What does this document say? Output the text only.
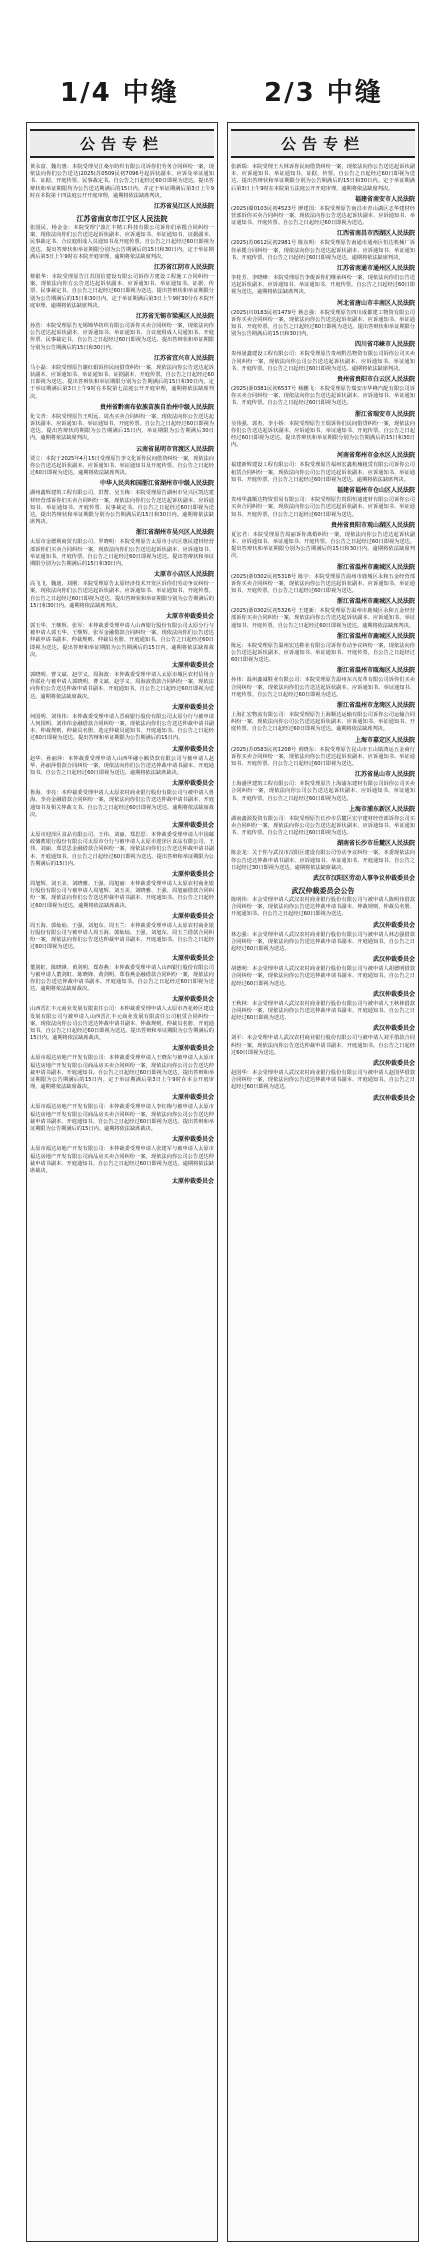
1/4 中缝	2/3 中缝
公告专栏
黄永富、魏有惠：本院受理吴江桑尔纺织有限公司诉你们劳务合同纠纷一案，现依法向你们公告送达(2025)苏0509民初7096号起诉状副本、应诉及举证通知书、证据、开庭传票、民事裁定书。自公告之日起经过60日即视为送达。提出答辩状和举证期限均为公告送达期满后的15日内。并定于举证期满后第3日上午9时在本院第十四法庭公开开庭审理，逾期将依法缺席判决。
江苏省吴江区人民法院
江苏省南京市江宁区人民法院
张国民、杨金金：本院受理宁波汇丰精工科技有限公司诉你们承揽合同纠纷一案，现依法向你们公告送达起诉状副本、应诉通知书、举证通知书、证据副本、民事裁定书、合议庭组成人员通知书及开庭传票。自公告之日起经过60日即视为送达。提出答辩状和举证期限分别为公告期满后的15日和30日内。定于举证期满后第3日上午9时在本院开庭审理，逾期将依法缺席判决。
江苏省江阴市人民法院
蔡银华：本院受理原告江苏国信建设有限公司诉你方建设工程施工合同纠纷一案，现依法向你方公告送达起诉状副本、应诉通知书、举证通知书、证据、传票、民事裁定书。自公告之日起经过60日即视为送达。提出答辩状和举证期限分别为公告期满后的15日和30日内。定于举证期满后第3日上午9时30分在本院开庭审理，逾期将依法缺席判决。
江苏省无锡市梁溪区人民法院
孙浩：本院受理原告无锡锦华纺织有限公司诉你买卖合同纠纷一案，现依法向你公告送达起诉状副本、应诉通知书、举证通知书、合议庭组成人员通知书、开庭传票、民事裁定书。自公告之日起经过60日即视为送达。提出答辩状和举证期限分别为公告期满后的15日和30日内。
江苏省宜兴市人民法院
马小磊：本院受理原告谢红娟诉你民间借贷纠纷一案，现依法向你公告送达起诉状副本、应诉通知书、举证通知书、证据副本、开庭传票。自公告之日起经过60日即视为送达。提出答辩状和举证期限分别为公告期满后的15日和30日内。定于举证期满后第3日上午9时在本院第七法庭公开开庭审理，逾期将依法缺席判决。
贵州省黔南布依族苗族自治州中级人民法院
化文青：本院受理原告王明远、周杰买卖合同纠纷一案，现依法向你公告送达起诉状副本、应诉通知书、举证通知书、开庭传票。自公告之日起经过60日即视为送达。提出答辩状的期限为公告期满后15日内，举证期限为公告期满后30日内。逾期将依法缺席判决。
云南省昆明市官渡区人民法院
贾立：本院于2025年4月15日受理原告李文化诉你民间借贷纠纷一案，现依法向你公告送达起诉状副本、应诉通知书、举证通知书及开庭传票。自公告之日起经过60日即视为送达。逾期将依法缺席判决。
中华人民共和国浙江省湖州市中级人民法院
湖州鑫辉建筑工程有限公司、洪赞、吴玉梅：本院受理原告湖州市吴兴区凯达建材经营部诉你们买卖合同纠纷一案，现依法向你们公告送达起诉状副本、应诉通知书、举证通知书、开庭传票、民事裁定书。自公告之日起经过60日即视为送达。提出答辩状和举证期限分别为公告期满后的15日和30日内。逾期将依法缺席判决。
浙江省湖州市吴兴区人民法院
太原市金德利商贸有限公司、罗晓明：本院受理原告太原市小店区惠民建材经营部诉你们买卖合同纠纷一案，现依法向你们公告送达起诉状副本、应诉通知书、举证通知书、开庭传票。自公告之日起经过60日即视为送达。提出答辩状和举证期限分别为公告期满后的15日和30日内。
太原市小店区人民法院
高飞飞、魏迪、刘刚：本院受理原告太原经济技术开发区诉你们劳动争议纠纷一案，现依法向你们公告送达起诉状副本、应诉通知书、举证通知书、开庭传票。自公告之日起经过60日即视为送达。提出答辩状和举证期限分别为公告期满后的15日和30日内。逾期将依法缺席判决。
太原市仲裁委员会
郭玉华、王继辉、张军：本仲裁委受理申请人山西银行股份有限公司太原分行与被申请人郭玉华、王继辉、张军金融借款合同纠纷一案，现依法向你们公告送达仲裁申请书副本、仲裁规则、仲裁员名册、开庭通知书。自公告之日起经过60日即视为送达。提出答辩和举证期限为公告期满后的15日内。逾期将依法缺席裁决。
太原仲裁委员会
郭晓明、曹文斌、赵学义、周海波：本仲裁委受理申请人太原市城区农村信用合作联社与被申请人郭晓明、曹文斌、赵学义、周海波借款合同纠纷一案，现依法向你们公告送达仲裁申请书副本、开庭通知书。自公告之日起经过60日即视为送达。逾期将依法缺席裁决。
太原仲裁委员会
何国明、刘伟伟：本仲裁委受理申请人晋商银行股份有限公司太原分行与被申请人何国明、刘伟伟金融借款合同纠纷一案，现依法向你们公告送达仲裁申请书副本、仲裁规则、仲裁员名册、选定仲裁员通知书、开庭通知书。自公告之日起经过60日即视为送达。提出答辩和举证期限为公告期满后的15日内。
太原仲裁委员会
赵华、孙丽萍：本仲裁委受理申请人山西华融小额贷款有限公司与被申请人赵华、孙丽萍借款合同纠纷一案，现依法向你们公告送达仲裁申请书副本、开庭通知书。自公告之日起经过60日即视为送达。逾期将依法缺席裁决。
太原仲裁委员会
鲁海、李亮：本仲裁委受理申请人太原农村商业银行股份有限公司与被申请人鲁海、李亮金融借款合同纠纷一案，现依法向你们公告送达仲裁申请书副本、开庭通知书及相关仲裁文书。自公告之日起经过60日即视为送达。逾期将依法缺席裁决。
太原仲裁委员会
太原市迎泽区食品有限公司、王伟、刘丽、郑思思：本仲裁委受理申请人中国邮政储蓄银行股份有限公司太原市分行与被申请人太原市迎泽区食品有限公司、王伟、刘丽、郑思思金融借款合同纠纷一案，现依法向你们公告送达仲裁申请书副本、开庭通知书。自公告之日起经过60日即视为送达。提出答辩和举证期限为公告期满后的15日内。
太原仲裁委员会
周旭辉、刘玉美、刘晓雅、王强、周旭丽：本仲裁委受理申请人太原农村商业银行股份有限公司与被申请人周旭辉、刘玉美、刘晓雅、王强、周旭丽借款合同纠纷一案，现依法向你们公告送达仲裁申请书副本、开庭通知书。自公告之日起经过60日即视为送达。逾期将依法缺席裁决。
太原仲裁委员会
周玉海、郭灿灿、王强、刘旭东、周玉兰：本仲裁委受理申请人太原农村商业银行股份有限公司与被申请人周玉海、郭灿灿、王强、刘旭东、周玉兰借款合同纠纷一案，现依法向你们公告送达仲裁申请书副本、开庭通知书。自公告之日起经过60日即视为送达。
太原仲裁委员会
董剑虹、陈晓锋、黄剑明、郑春燕：本仲裁委受理申请人山西银行股份有限公司与被申请人董剑虹、陈晓锋、黄剑明、郑春燕金融借款合同纠纷一案，现依法向你们公告送达仲裁申请书副本、开庭通知书。自公告之日起经过60日即视为送达。逾期将依法缺席裁决。
太原仲裁委员会
山西晋汇丰元商业发展有限责任公司：本仲裁委受理申请人太原市杏花岭区建设发展有限公司与被申请人山西晋汇丰元商业发展有限责任公司租赁合同纠纷一案，现依法向你公司公告送达仲裁申请书副本、仲裁规则、仲裁员名册、开庭通知书。自公告之日起经过60日即视为送达。提出答辩和举证期限为公告期满后的15日内。逾期将依法缺席裁决。
太原仲裁委员会
太原市福达房地产开发有限公司：本仲裁委受理申请人王晓东与被申请人太原市福达房地产开发有限公司商品房买卖合同纠纷一案，现依法向你公司公告送达仲裁申请书副本、开庭通知书。自公告之日起经过60日即视为送达。提出答辩和举证期限为公告期满后的15日内。定于举证期满后第3日上午9时在本会开庭审理，逾期将依法缺席裁决。
太原仲裁委员会
太原市福达房地产开发有限公司：本仲裁委受理申请人李红梅与被申请人太原市福达房地产开发有限公司商品房买卖合同纠纷一案，现依法向你公司公告送达仲裁申请书副本、开庭通知书。自公告之日起经过60日即视为送达。提出答辩和举证期限为公告期满后的15日内。逾期将依法缺席裁决。
太原仲裁委员会
太原市福达房地产开发有限公司：本仲裁委受理申请人张建军与被申请人太原市福达房地产开发有限公司商品房买卖合同纠纷一案，现依法向你公司公告送达仲裁申请书副本、开庭通知书。自公告之日起经过60日即视为送达。逾期将依法缺席裁决。
太原仲裁委员会
公告专栏
张新瑞：本院受理王大林诉你民间借贷纠纷一案，现依法向你公告送达起诉状副本、应诉通知书、举证通知书、证据、传票。自公告之日起经过60日即视为送达。提出答辩状和举证期限分别为公告期满后的15日和30日内。定于举证期满后第3日上午9时在本院第五法庭公开开庭审理，逾期将依法缺席判决。
福建省南安市人民法院
(2025)赣0103民初4523号 廖建国：本院受理原告南昌市青山湖区志华建材经营部诉你买卖合同纠纷一案，现依法向你公告送达起诉状副本、应诉通知书、举证通知书、开庭传票。自公告之日起经过60日即视为送达。
江西省南昌市西湖区人民法院
(2025)苏0612民初2981号 陈东明：本院受理原告南通市通州区恒达机械厂诉你承揽合同纠纷一案，现依法向你公告送达起诉状副本、应诉通知书、举证通知书、开庭传票。自公告之日起经过60日即视为送达。逾期将依法缺席判决。
江苏省南通市通州区人民法院
李桂芳、李晓峰：本院受理原告李俊诉你们继承纠纷一案，现依法向你们公告送达起诉状副本、应诉通知书、举证通知书、开庭传票。自公告之日起经过60日即视为送达。逾期将依法缺席判决。
河北省唐山市丰南区人民法院
(2025)川0183民初1479号 蒋志强：本院受理原告四川成都建工物资有限公司诉你买卖合同纠纷一案，现依法向你公告送达起诉状副本、应诉通知书、举证通知书、开庭传票。自公告之日起经过60日即视为送达。提出答辩状和举证期限分别为公告期满后的15日和30日内。
四川省邛崃市人民法院
贵州晟鑫建设工程有限公司：本院受理原告贵州黔昌物资有限公司诉你公司买卖合同纠纷一案，现依法向你公司公告送达起诉状副本、应诉通知书、举证通知书、开庭传票。自公告之日起经过60日即视为送达。逾期将依法缺席判决。
贵州省贵阳市白云区人民法院
(2025)浙0381民初6537号 杨鹏飞：本院受理原告瑞安市华峰汽配有限公司诉你买卖合同纠纷一案，现依法向你公告送达起诉状副本、应诉通知书、举证通知书、开庭传票。自公告之日起经过60日即视为送达。
浙江省瑞安市人民法院
吴伟强、郭杰、李小娇：本院受理原告王瑞诉你们民间借贷纠纷一案，现依法向你们公告送达起诉状副本、应诉通知书、举证通知书、开庭传票。自公告之日起经过60日即视为送达。提出答辩状和举证期限分别为公告期满后的15日和30日内。
河南省郑州市金水区人民法院
福建新辉建设工程有限公司：本院受理原告福州宏鑫机械租赁有限公司诉你公司租赁合同纠纷一案，现依法向你公司公告送达起诉状副本、应诉通知书、举证通知书、开庭传票。自公告之日起经过60日即视为送达。逾期将依法缺席判决。
福建省福州市仓山区人民法院
贵州华鑫顺达物资贸易有限公司：本院受理原告贵阳恒通建材有限公司诉你公司买卖合同纠纷一案，现依法向你公司公告送达起诉状副本、应诉通知书、举证通知书、开庭传票。自公告之日起经过60日即视为送达。
贵州省贵阳市观山湖区人民法院
夏宏君：本院受理原告周丽诉你离婚纠纷一案，现依法向你公告送达起诉状副本、应诉通知书、举证通知书、开庭传票。自公告之日起经过60日即视为送达。提出答辩状和举证期限分别为公告期满后的15日和30日内。逾期将依法缺席判决。
浙江省温州市鹿城区人民法院
(2025)浙0302民初5318号 陈宇：本院受理原告温州市鹿城区永和五金经营部诉你买卖合同纠纷一案，现依法向你公告送达起诉状副本、应诉通知书、举证通知书、开庭传票。自公告之日起经过60日即视为送达。
浙江省温州市鹿城区人民法院
(2025)浙0302民初5326号 王建新：本院受理原告温州市鹿城区永和五金经营部诉你买卖合同纠纷一案，现依法向你公告送达起诉状副本、应诉通知书、举证通知书、开庭传票。自公告之日起经过60日即视为送达。逾期将依法缺席判决。
浙江省温州市鹿城区人民法院
陈远：本院受理原告温州宏达鞋业有限公司诉你劳动争议纠纷一案，现依法向你公告送达起诉状副本、应诉通知书、举证通知书、开庭传票。自公告之日起经过60日即视为送达。
浙江省温州市瓯海区人民法院
孙伟：温州鑫诚鞋业有限公司：本院受理原告温州东兴皮革有限公司诉你们买卖合同纠纷一案，现依法向你们公告送达起诉状副本、应诉通知书、举证通知书、开庭传票。自公告之日起经过60日即视为送达。
浙江省温州市龙湾区人民法院
上海汇宏物流有限公司：本院受理原告上海顺达运输有限公司诉你公司运输合同纠纷一案，现依法向你公司公告送达起诉状副本、应诉通知书、举证通知书、开庭传票。自公告之日起经过60日即视为送达。逾期将依法缺席判决。
上海市嘉定区人民法院
(2025)苏0583民初1208号 黄晓东：本院受理原告昆山市玉山镇鸿运五金商行诉你买卖合同纠纷一案，现依法向你公告送达起诉状副本、应诉通知书、举证通知书、开庭传票。自公告之日起经过60日即视为送达。
江苏省昆山市人民法院
上海盛世建筑工程有限公司：本院受理原告上海浦东建材有限公司诉你公司买卖合同纠纷一案，现依法向你公司公告送达起诉状副本、应诉通知书、举证通知书、开庭传票。自公告之日起经过60日即视为送达。
上海市浦东新区人民法院
湖南鑫源投资有限公司：本院受理原告长沙市岳麓区宏宇建材经营部诉你公司买卖合同纠纷一案，现依法向你公司公告送达起诉状副本、应诉通知书、举证通知书、开庭传票。自公告之日起经过60日即视为送达。
湖南省长沙市岳麓区人民法院
陈金龙：关于你与武汉市汉阳区建设有限公司劳动争议纠纷一案，本委现依法向你公告送达仲裁申请书副本、应诉通知书、举证通知书、开庭通知书。自公告之日起经过30日即视为送达。逾期将依法缺席裁决。
武汉市汉阳区劳动人事争议仲裁委员会
武汉仲裁委员会公告
陈明伟：本会受理申请人武汉农村商业银行股份有限公司与被申请人陈明伟借款合同纠纷一案，现依法向你公告送达仲裁申请书副本、仲裁规则、仲裁员名册、开庭通知书。自公告之日起经过60日即视为送达。
武汉仲裁委员会
林志强：本会受理申请人武汉农村商业银行股份有限公司与被申请人林志强借款合同纠纷一案，现依法向你公告送达仲裁申请书副本、开庭通知书。自公告之日起经过60日即视为送达。
武汉仲裁委员会
胡德明：本会受理申请人武汉农村商业银行股份有限公司与被申请人胡德明借款合同纠纷一案，现依法向你公告送达仲裁申请书副本、开庭通知书。自公告之日起经过60日即视为送达。
武汉仲裁委员会
王秋林：本会受理申请人武汉农村商业银行股份有限公司与被申请人王秋林借款合同纠纷一案，现依法向你公告送达仲裁申请书副本、开庭通知书。自公告之日起经过60日即视为送达。
武汉仲裁委员会
刘平：本会受理申请人武汉农村商业银行股份有限公司与被申请人刘平借款合同纠纷一案，现依法向你公告送达仲裁申请书副本、开庭通知书。自公告之日起经过60日即视为送达。
武汉仲裁委员会
赵国华：本会受理申请人武汉农村商业银行股份有限公司与被申请人赵国华借款合同纠纷一案，现依法向你公告送达仲裁申请书副本、开庭通知书。自公告之日起经过60日即视为送达。
武汉仲裁委员会
